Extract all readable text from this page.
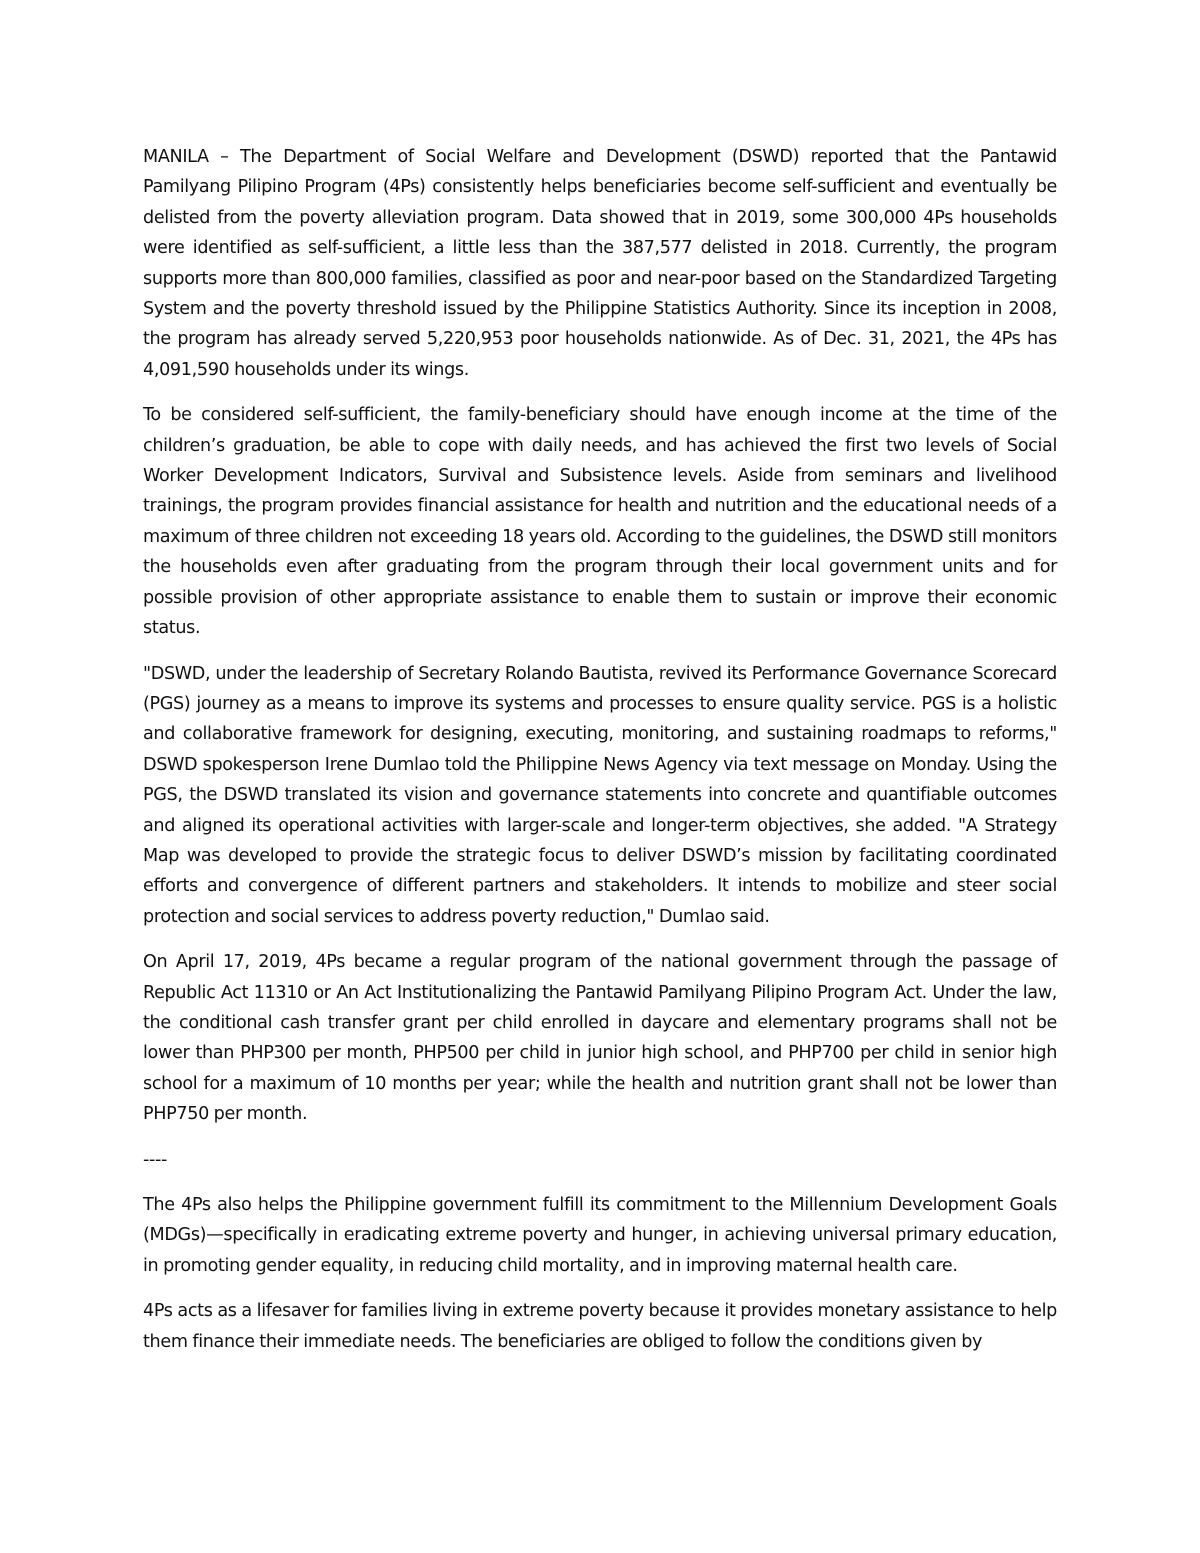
MANILA – The Department of Social Welfare and Development (DSWD) reported that the Pantawid Pamilyang Pilipino Program (4Ps) consistently helps beneficiaries become self-sufficient and eventually be delisted from the poverty alleviation program. Data showed that in 2019, some 300,000 4Ps households were identified as self-sufficient, a little less than the 387,577 delisted in 2018. Currently, the program supports more than 800,000 families, classified as poor and near-poor based on the Standardized Targeting System and the poverty threshold issued by the Philippine Statistics Authority. Since its inception in 2008, the program has already served 5,220,953 poor households nationwide. As of Dec. 31, 2021, the 4Ps has 4,091,590 households under its wings.

To be considered self-sufficient, the family-beneficiary should have enough income at the time of the children’s graduation, be able to cope with daily needs, and has achieved the first two levels of Social Worker Development Indicators, Survival and Subsistence levels. Aside from seminars and livelihood trainings, the program provides financial assistance for health and nutrition and the educational needs of a maximum of three children not exceeding 18 years old. According to the guidelines, the DSWD still monitors the households even after graduating from the program through their local government units and for possible provision of other appropriate assistance to enable them to sustain or improve their economic status.

"DSWD, under the leadership of Secretary Rolando Bautista, revived its Performance Governance Scorecard (PGS) journey as a means to improve its systems and processes to ensure quality service. PGS is a holistic and collaborative framework for designing, executing, monitoring, and sustaining roadmaps to reforms," DSWD spokesperson Irene Dumlao told the Philippine News Agency via text message on Monday. Using the PGS, the DSWD translated its vision and governance statements into concrete and quantifiable outcomes and aligned its operational activities with larger-scale and longer-term objectives, she added. "A Strategy Map was developed to provide the strategic focus to deliver DSWD’s mission by facilitating coordinated efforts and convergence of different partners and stakeholders. It intends to mobilize and steer social protection and social services to address poverty reduction," Dumlao said.

On April 17, 2019, 4Ps became a regular program of the national government through the passage of Republic Act 11310 or An Act Institutionalizing the Pantawid Pamilyang Pilipino Program Act. Under the law, the conditional cash transfer grant per child enrolled in daycare and elementary programs shall not be lower than PHP300 per month, PHP500 per child in junior high school, and PHP700 per child in senior high school for a maximum of 10 months per year; while the health and nutrition grant shall not be lower than PHP750 per month.

----

The 4Ps also helps the Philippine government fulfill its commitment to the Millennium Development Goals (MDGs)—specifically in eradicating extreme poverty and hunger, in achieving universal primary education, in promoting gender equality, in reducing child mortality, and in improving maternal health care.

4Ps acts as a lifesaver for families living in extreme poverty because it provides monetary assistance to help them finance their immediate needs. The beneficiaries are obliged to follow the conditions given by
